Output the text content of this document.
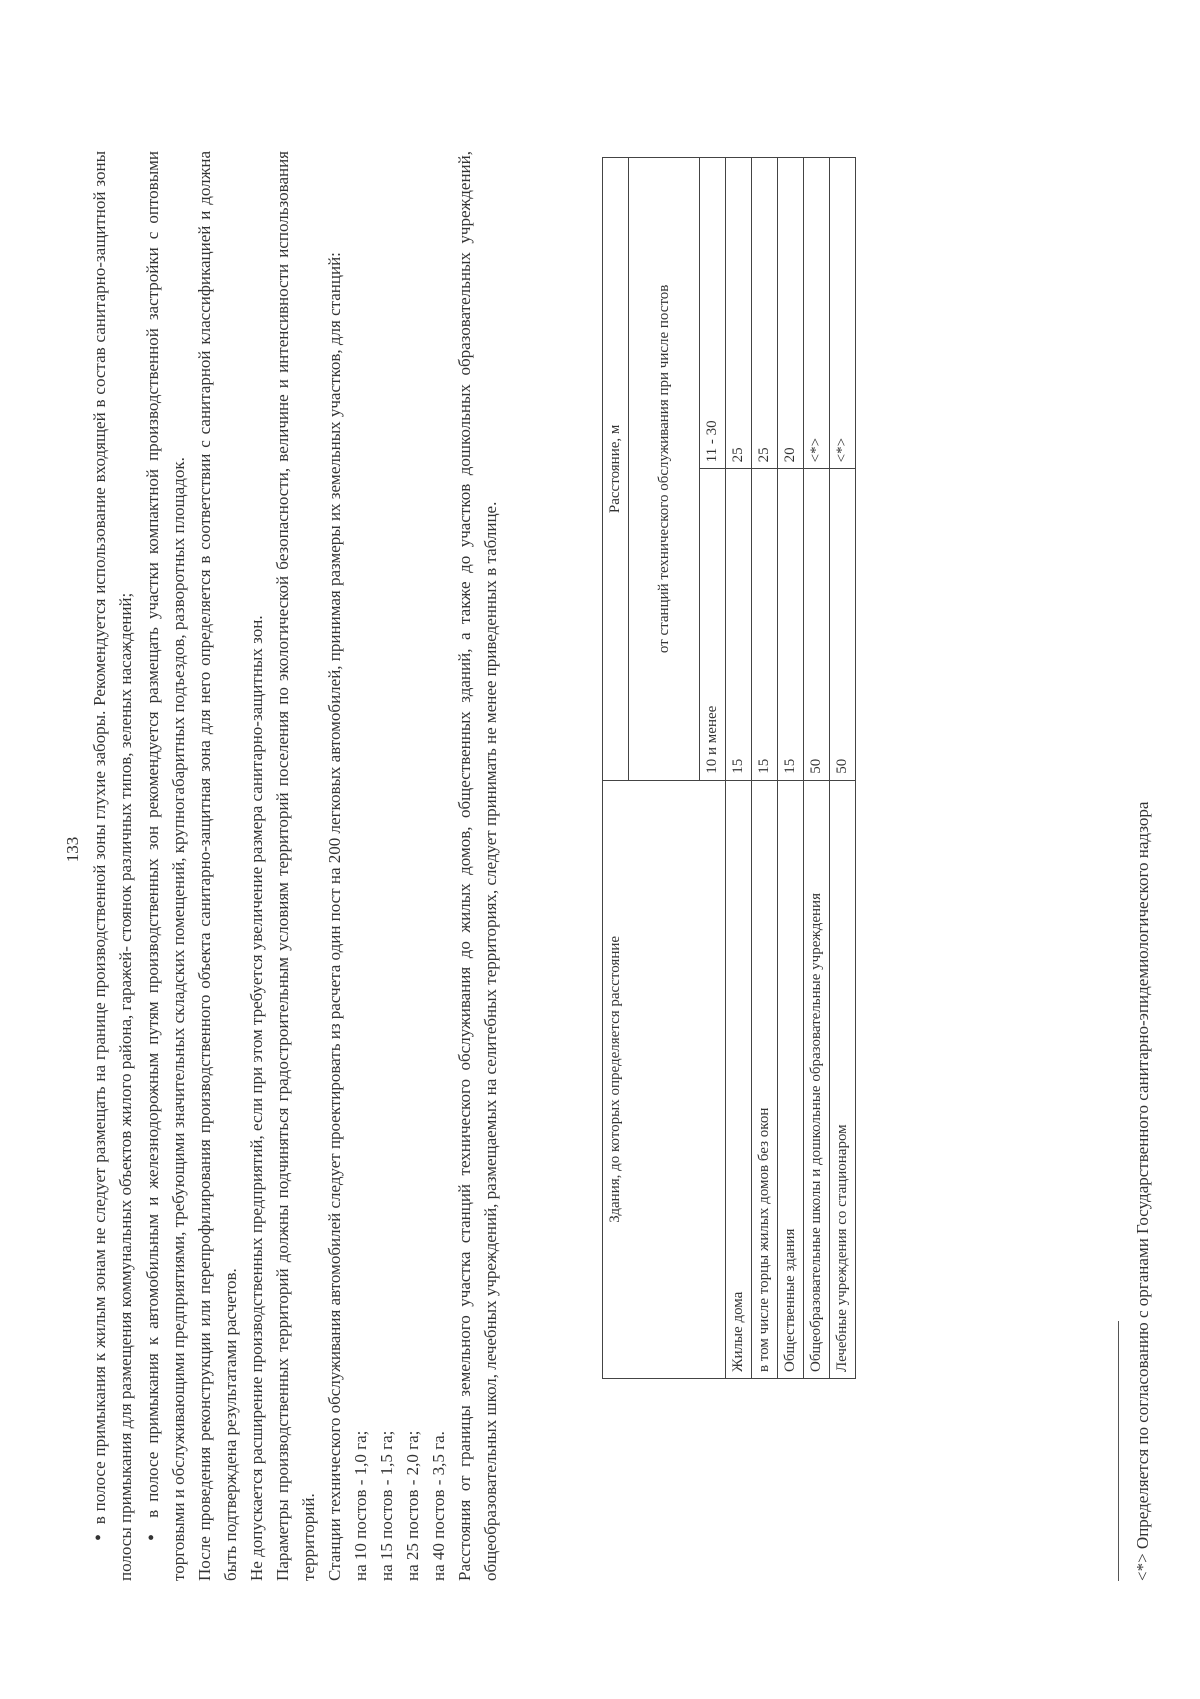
133

•  в полосе примыкания к жилым зонам не следует размещать на границе производственной зоны глухие заборы. Рекомендуется использование входящей в состав санитарно-защитной зоны полосы примыкания для размещения коммунальных объектов жилого района, гаражей- стоянок различных типов, зеленых насаждений; •  в полосе примыкания к автомобильным и железнодорожным путям производственных зон рекомендуется размещать участки компактной производственной застройки с оптовыми торговыми и обслуживающими предприятиями, требующими значительных складских помещений, крупногабаритных подъездов, разворотных площадок. После проведения реконструкции или перепрофилирования производственного объекта санитарно-защитная зона для него определяется в соответствии с санитарной классификацией и должна быть подтверждена результатами расчетов. Не допускается расширение производственных предприятий, если при этом требуется увеличение размера санитарно-защитных зон. Параметры производственных территорий должны подчиняться градостроительным условиям территорий поселения по экологической безопасности, величине и интенсивности использования территорий. Станции технического обслуживания автомобилей следует проектировать из расчета один пост на 200 легковых автомобилей, принимая размеры их земельных участков, для станций: на 10 постов - 1,0 га; на 15 постов - 1,5 га; на 25 постов - 2,0 га; на 40 постов - 3,5 га. Расстояния от границы земельного участка станций технического обслуживания до жилых домов, общественных зданий, а также до участков дошкольных образовательных учреждений, общеобразовательных школ, лечебных учреждений, размещаемых на селитебных территориях, следует принимать не менее приведенных в таблице.	Здания, до которых определяется расстояние	Расстояние, м	
	от станций технического обслуживания при числе постов	
	10 и менее	11 - 30
Жилые дома	15	25
в том числе торцы жилых домов без окон	15	25
Общественные здания	15	20
Общеобразовательные школы и дошкольные образовательные учреждения	50	<*>
Лечебные учреждения со стационаром	50	<*>
<*> Определяется по согласованию с органами Государственного санитарно-эпидемиологического надзора
